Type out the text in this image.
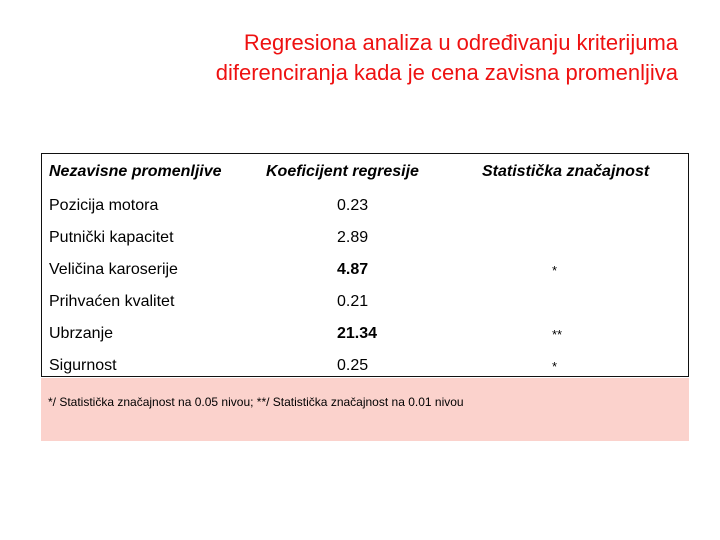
Regresiona analiza u određivanju kriterijuma
diferenciranja kada je cena zavisna promenljiva
Nezavisne promenljive	Koeficijent regresije	Statistička značajnost
Pozicija motora	0.23
Putnički kapacitet	2.89
Veličina karoserije	4.87	*
Prihvaćen kvalitet	0.21
Ubrzanje	21.34	**
Sigurnost	0.25	*
*/ Statistička značajnost na 0.05 nivou; **/ Statistička značajnost na 0.01 nivou
